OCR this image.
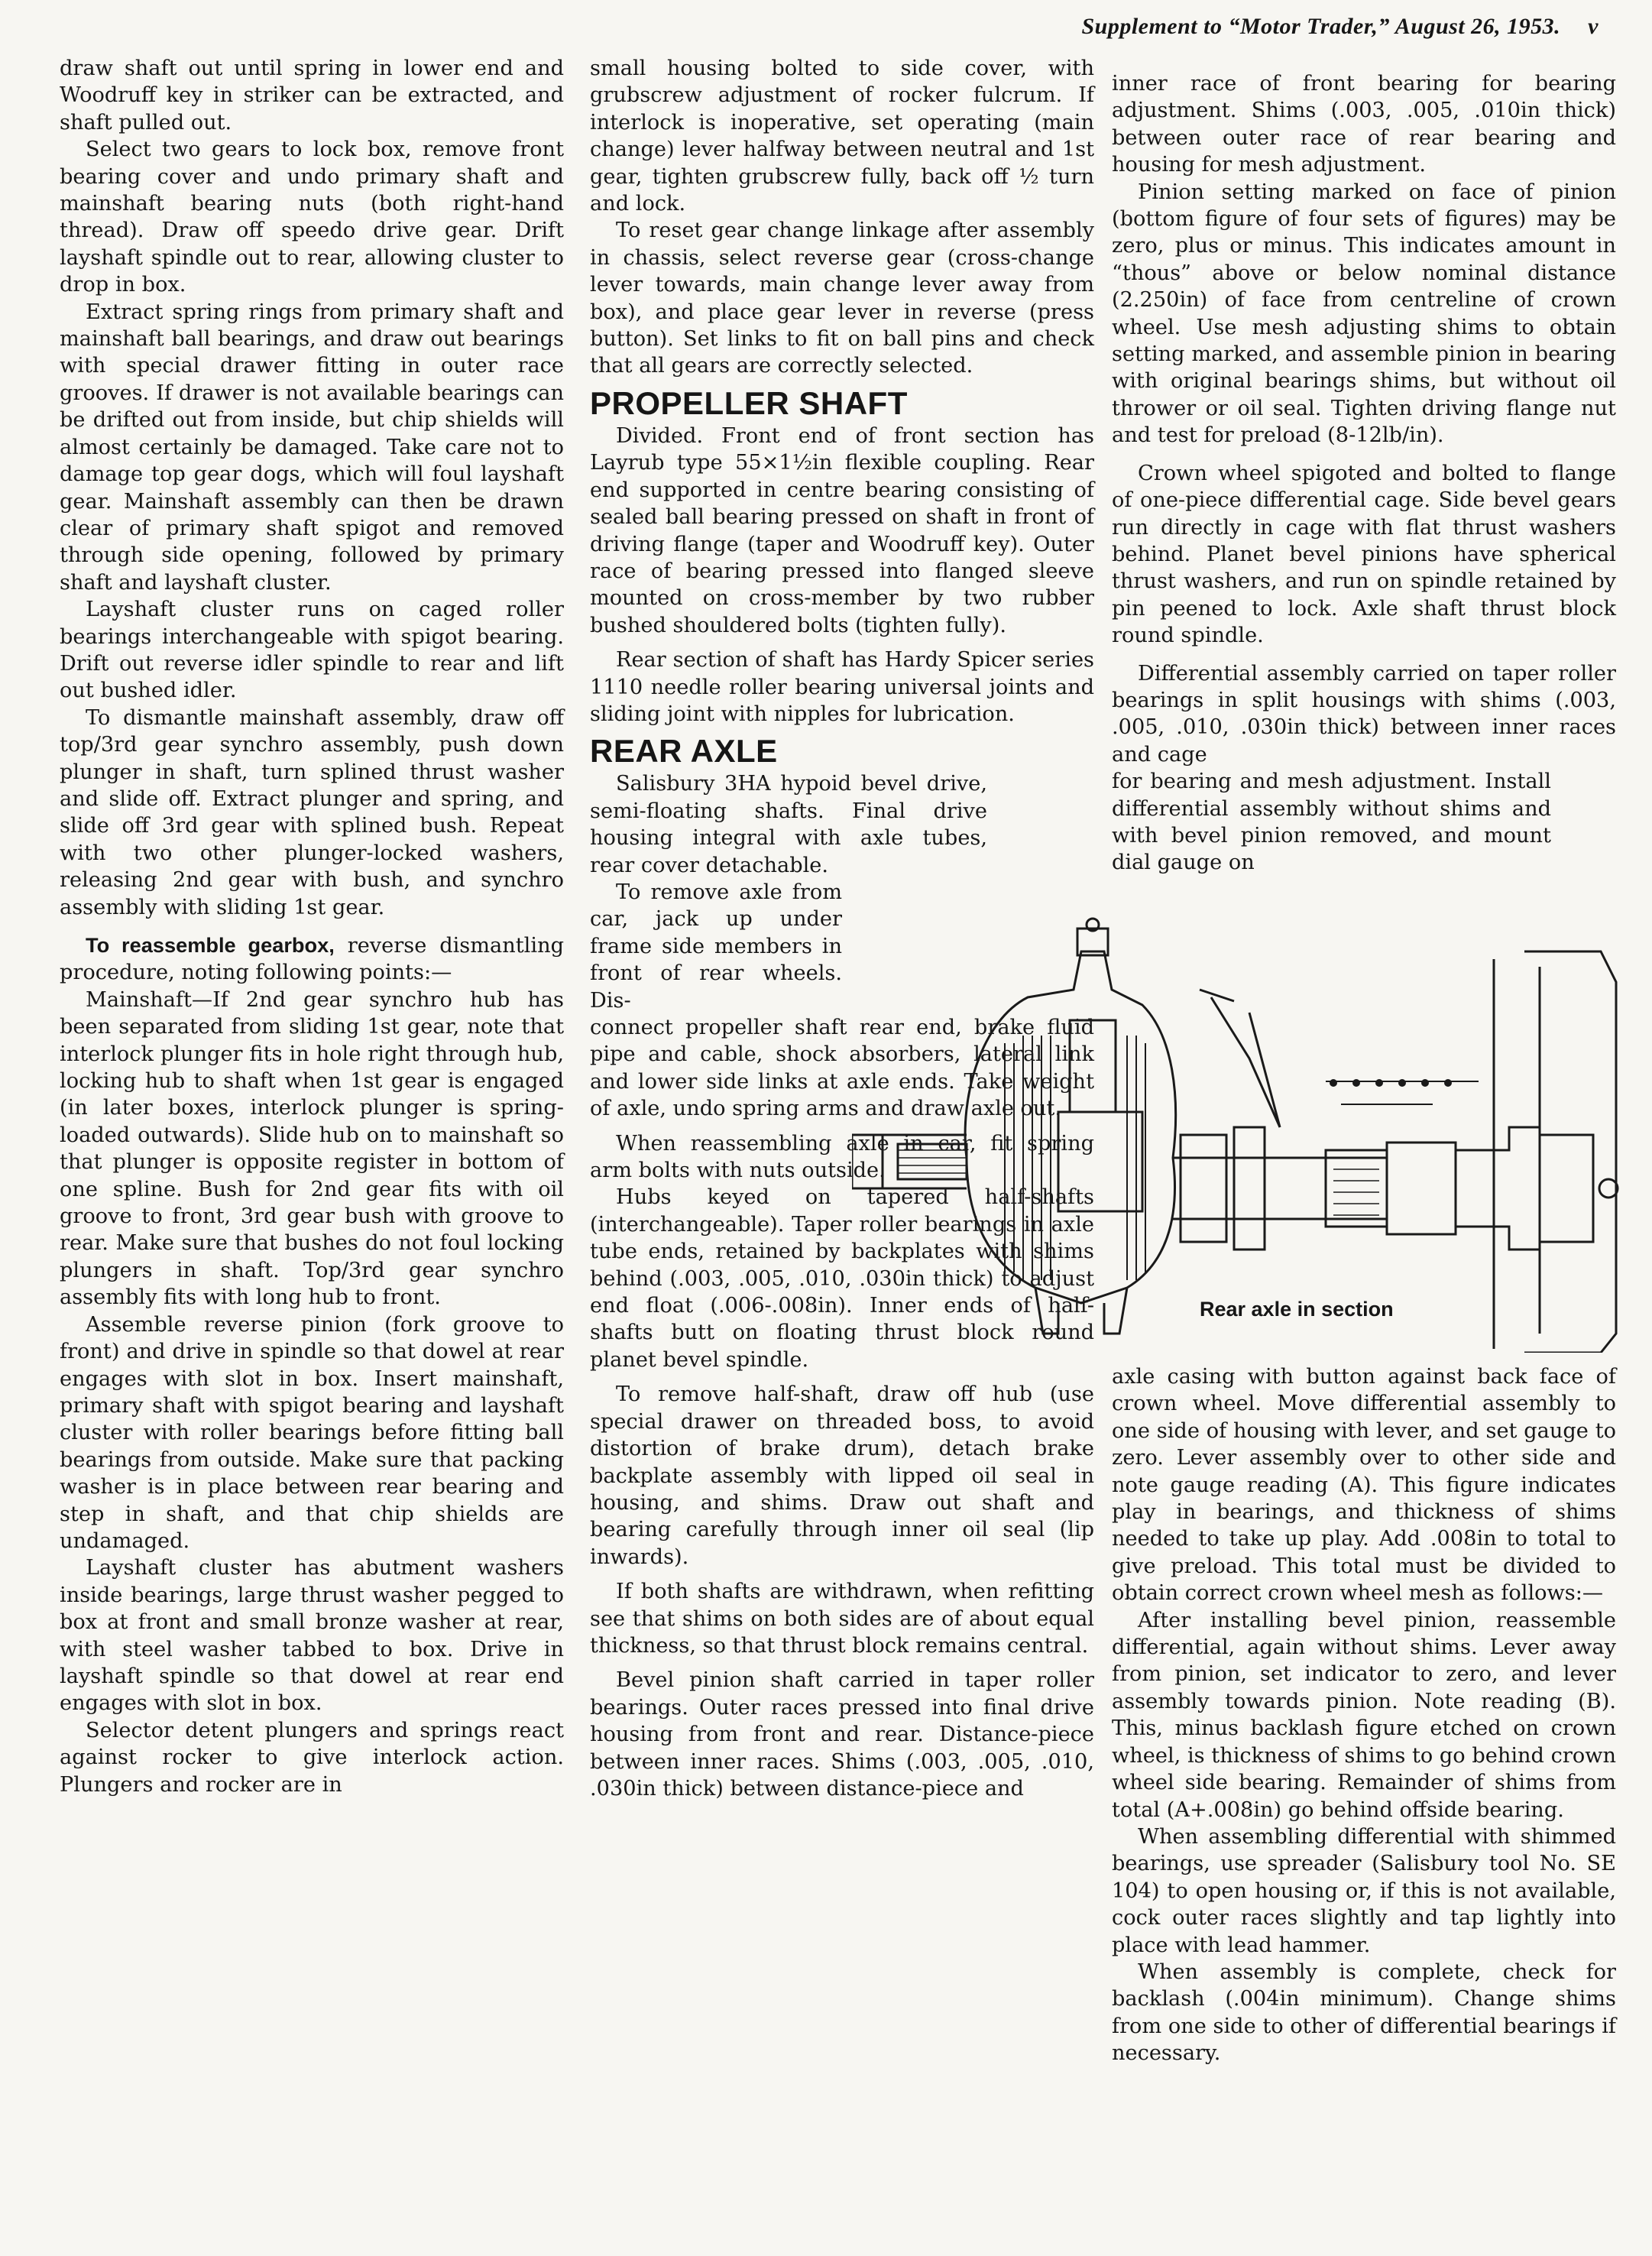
Supplement to “Motor Trader,” August 26, 1953. v

draw shaft out until spring in lower end and Woodruff key in striker can be extracted, and shaft pulled out.

Select two gears to lock box, remove front bearing cover and undo primary shaft and mainshaft bearing nuts (both right-hand thread). Draw off speedo drive gear. Drift layshaft spindle out to rear, allowing cluster to drop in box.

Extract spring rings from primary shaft and mainshaft ball bearings, and draw out bearings with special drawer fitting in outer race grooves. If drawer is not available bearings can be drifted out from inside, but chip shields will almost certainly be damaged. Take care not to damage top gear dogs, which will foul layshaft gear. Mainshaft assembly can then be drawn clear of primary shaft spigot and removed through side opening, followed by primary shaft and layshaft cluster.

Layshaft cluster runs on caged roller bearings interchangeable with spigot bearing. Drift out reverse idler spindle to rear and lift out bushed idler.

To dismantle mainshaft assembly, draw off top/3rd gear synchro assembly, push down plunger in shaft, turn splined thrust washer and slide off. Extract plunger and spring, and slide off 3rd gear with splined bush. Repeat with two other plunger-locked washers, releasing 2nd gear with bush, and synchro assembly with sliding 1st gear.

To reassemble gearbox, reverse dismantling procedure, noting following points:—

Mainshaft—If 2nd gear synchro hub has been separated from sliding 1st gear, note that interlock plunger fits in hole right through hub, locking hub to shaft when 1st gear is engaged (in later boxes, interlock plunger is spring-loaded outwards). Slide hub on to mainshaft so that plunger is opposite register in bottom of one spline. Bush for 2nd gear fits with oil groove to front, 3rd gear bush with groove to rear. Make sure that bushes do not foul locking plungers in shaft. Top/3rd gear synchro assembly fits with long hub to front.

Assemble reverse pinion (fork groove to front) and drive in spindle so that dowel at rear engages with slot in box. Insert mainshaft, primary shaft with spigot bearing and layshaft cluster with roller bearings before fitting ball bearings from outside. Make sure that packing washer is in place between rear bearing and step in shaft, and that chip shields are undamaged.

Layshaft cluster has abutment washers inside bearings, large thrust washer pegged to box at front and small bronze washer at rear, with steel washer tabbed to box. Drive in layshaft spindle so that dowel at rear end engages with slot in box.

Selector detent plungers and springs react against rocker to give interlock action. Plungers and rocker are in

small housing bolted to side cover, with grubscrew adjustment of rocker fulcrum. If interlock is inoperative, set operating (main change) lever halfway between neutral and 1st gear, tighten grubscrew fully, back off ½ turn and lock.

To reset gear change linkage after assembly in chassis, select reverse gear (cross-change lever towards, main change lever away from box), and place gear lever in reverse (press button). Set links to fit on ball pins and check that all gears are correctly selected.

PROPELLER SHAFT

Divided. Front end of front section has Layrub type 55×1½in flexible coupling. Rear end supported in centre bearing consisting of sealed ball bearing pressed on shaft in front of driving flange (taper and Woodruff key). Outer race of bearing pressed into flanged sleeve mounted on cross-member by two rubber bushed shouldered bolts (tighten fully).

Rear section of shaft has Hardy Spicer series 1110 needle roller bearing universal joints and sliding joint with nipples for lubrication.

REAR AXLE

Salisbury 3HA hypoid bevel drive, semi-floating shafts. Final drive housing integral with axle tubes, rear cover detachable.

To remove axle from car, jack up under frame side members in front of rear wheels. Dis-

connect propeller shaft rear end, brake fluid pipe and cable, shock absorbers, lateral link and lower side links at axle ends. Take weight of axle, undo spring arms and draw axle out.

When reassembling axle in car, fit spring arm bolts with nuts outside.

Hubs keyed on tapered half-shafts (interchangeable). Taper roller bearings in axle tube ends, retained by backplates with shims behind (.003, .005, .010, .030in thick) to adjust end float (.006-.008in). Inner ends of half-shafts butt on floating thrust block round planet bevel spindle.

To remove half-shaft, draw off hub (use special drawer on threaded boss, to avoid distortion of brake drum), detach brake backplate assembly with lipped oil seal in housing, and shims. Draw out shaft and bearing carefully through inner oil seal (lip inwards).

If both shafts are withdrawn, when refitting see that shims on both sides are of about equal thickness, so that thrust block remains central.

Bevel pinion shaft carried in taper roller bearings. Outer races pressed into final drive housing from front and rear. Distance-piece between inner races. Shims (.003, .005, .010, .030in thick) between distance-piece and

inner race of front bearing for bearing adjustment. Shims (.003, .005, .010in thick) between outer race of rear bearing and housing for mesh adjustment.

Pinion setting marked on face of pinion (bottom figure of four sets of figures) may be zero, plus or minus. This indicates amount in “thous” above or below nominal distance (2.250in) of face from centreline of crown wheel. Use mesh adjusting shims to obtain setting marked, and assemble pinion in bearing with original bearings shims, but without oil thrower or oil seal. Tighten driving flange nut and test for preload (8-12lb/in).

Crown wheel spigoted and bolted to flange of one-piece differential cage. Side bevel gears run directly in cage with flat thrust washers behind. Planet bevel pinions have spherical thrust washers, and run on spindle retained by pin peened to lock. Axle shaft thrust block round spindle.

Differential assembly carried on taper roller bearings in split housings with shims (.003, .005, .010, .030in thick) between inner races and cage

for bearing and mesh adjustment. Install differential assembly without shims and with bevel pinion removed, and mount dial gauge on

axle casing with button against back face of crown wheel. Move differential assembly to one side of housing with lever, and set gauge to zero. Lever assembly over to other side and note gauge reading (A). This figure indicates play in bearings, and thickness of shims needed to take up play. Add .008in to total to give preload. This total must be divided to obtain correct crown wheel mesh as follows:—

After installing bevel pinion, reassemble differential, again without shims. Lever away from pinion, set indicator to zero, and lever assembly towards pinion. Note reading (B). This, minus backlash figure etched on crown wheel, is thickness of shims to go behind crown wheel side bearing. Remainder of shims from total (A+.008in) go behind offside bearing.

When assembling differential with shimmed bearings, use spreader (Salisbury tool No. SE 104) to open housing or, if this is not available, cock outer races slightly and tap lightly into place with lead hammer.

When assembly is complete, check for backlash (.004in minimum). Change shims from one side to other of differential bearings if necessary.

Rear axle in section
